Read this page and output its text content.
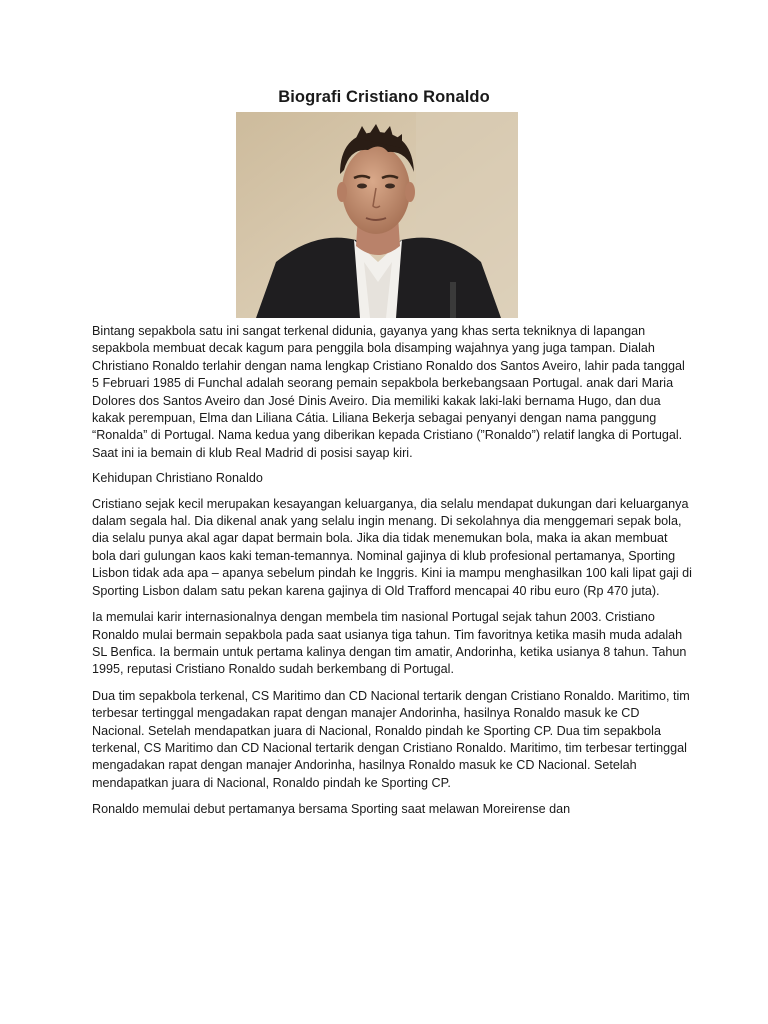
Biografi Cristiano Ronaldo

Bintang sepakbola satu ini sangat terkenal didunia, gayanya yang khas serta tekniknya di lapangan sepakbola membuat decak kagum para penggila bola disamping wajahnya yang juga tampan. Dialah Christiano Ronaldo terlahir dengan nama lengkap Cristiano Ronaldo dos Santos Aveiro, lahir pada tanggal 5 Februari 1985 di Funchal adalah seorang pemain sepakbola berkebangsaan Portugal. anak dari Maria Dolores dos Santos Aveiro dan José Dinis Aveiro. Dia memiliki kakak laki-laki bernama Hugo, dan dua kakak perempuan, Elma dan Liliana Cátia. Liliana Bekerja sebagai penyanyi dengan nama panggung “Ronalda” di Portugal. Nama kedua yang diberikan kepada Cristiano (”Ronaldo”) relatif langka di Portugal. Saat ini ia bemain di klub Real Madrid di posisi sayap kiri.

Kehidupan Christiano Ronaldo

Cristiano sejak kecil merupakan kesayangan keluarganya, dia selalu mendapat dukungan dari keluarganya dalam segala hal. Dia dikenal anak yang selalu ingin menang. Di sekolahnya dia menggemari sepak bola, dia selalu punya akal agar dapat bermain bola. Jika dia tidak menemukan bola, maka ia akan membuat bola dari gulungan kaos kaki teman-temannya. Nominal gajinya di klub profesional pertamanya, Sporting Lisbon tidak ada apa – apanya sebelum pindah ke Inggris. Kini ia mampu menghasilkan 100 kali lipat gaji di Sporting Lisbon dalam satu pekan karena gajinya di Old Trafford mencapai 40 ribu euro (Rp 470 juta).

Ia memulai karir internasionalnya dengan membela tim nasional Portugal sejak tahun 2003. Cristiano Ronaldo mulai bermain sepakbola pada saat usianya tiga tahun. Tim favoritnya ketika masih muda adalah SL Benfica. Ia bermain untuk pertama kalinya dengan tim amatir, Andorinha, ketika usianya 8 tahun. Tahun 1995, reputasi Cristiano Ronaldo sudah berkembang di Portugal.

Dua tim sepakbola terkenal, CS Maritimo dan CD Nacional tertarik dengan Cristiano Ronaldo. Maritimo, tim terbesar tertinggal mengadakan rapat dengan manajer Andorinha, hasilnya Ronaldo masuk ke CD Nacional. Setelah mendapatkan juara di Nacional, Ronaldo pindah ke Sporting CP. Dua tim sepakbola terkenal, CS Maritimo dan CD Nacional tertarik dengan Cristiano Ronaldo. Maritimo, tim terbesar tertinggal mengadakan rapat dengan manajer Andorinha, hasilnya Ronaldo masuk ke CD Nacional. Setelah mendapatkan juara di Nacional, Ronaldo pindah ke Sporting CP.

Ronaldo memulai debut pertamanya bersama Sporting saat melawan Moreirense dan
